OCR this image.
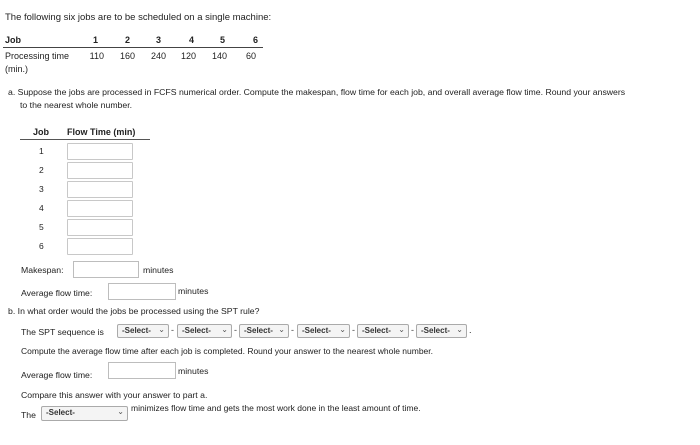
The following six jobs are to be scheduled on a single machine:
Job	1	2	3	4	5	6
Processing time
(min.)
110	160	240	120	140	60
a. Suppose the jobs are processed in FCFS numerical order. Compute the makespan, flow time for each job, and overall average flow time. Round your answers
to the nearest whole number.
Job Flow Time (min)
1
2
3
4
5
6
Makespan:	minutes
Average flow time:	minutes
b. In what order would the jobs be processed using the SPT rule?
The SPT sequence is	-Select- ⌄ -	-Select- ⌄ - -Select- ⌄ -	-Select- ⌄ - -Select- ⌄ - -Select- ⌄ .
Compute the average flow time after each job is completed. Round your answer to the nearest whole number.
Average flow time:	minutes
Compare this answer with your answer to part a.
The	-Select-	⌄ minimizes flow time and gets the most work done in the least amount of time.
